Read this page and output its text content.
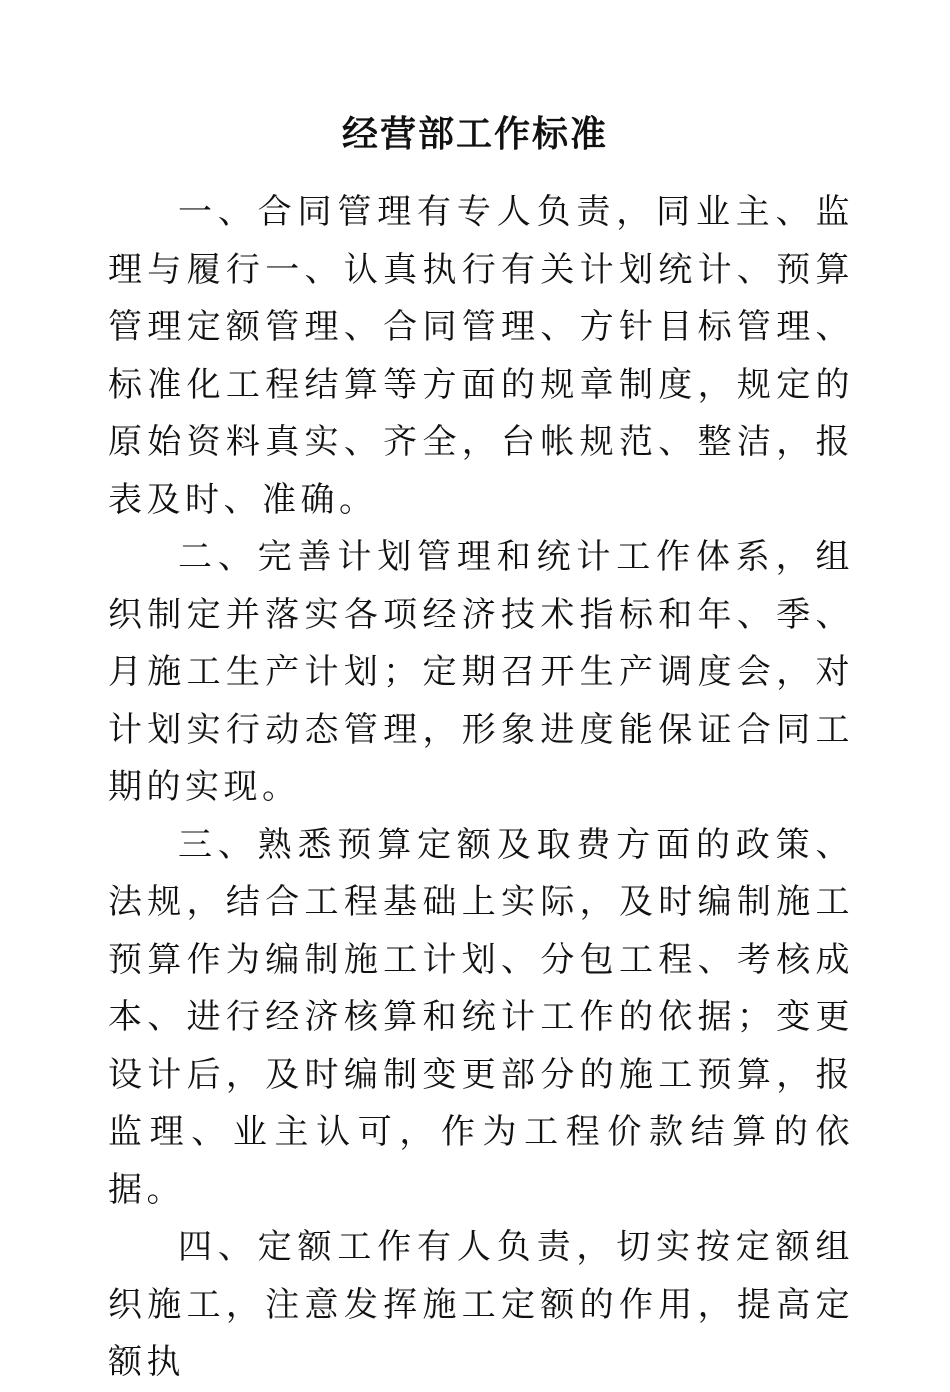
经营部工作标准

一、合同管理有专人负责，同业主、监理与履行一、认真执行有关计划统计、预算管理定额管理、合同管理、方针目标管理、标准化工程结算等方面的规章制度，规定的原始资料真实、齐全，台帐规范、整洁，报表及时、准确。

二、完善计划管理和统计工作体系，组织制定并落实各项经济技术指标和年、季、月施工生产计划；定期召开生产调度会，对计划实行动态管理，形象进度能保证合同工期的实现。

三、熟悉预算定额及取费方面的政策、法规，结合工程基础上实际，及时编制施工预算作为编制施工计划、分包工程、考核成本、进行经济核算和统计工作的依据；变更设计后，及时编制变更部分的施工预算，报监理、业主认可，作为工程价款结算的依据。

四、定额工作有人负责，切实按定额组织施工，注意发挥施工定额的作用，提高定额执
